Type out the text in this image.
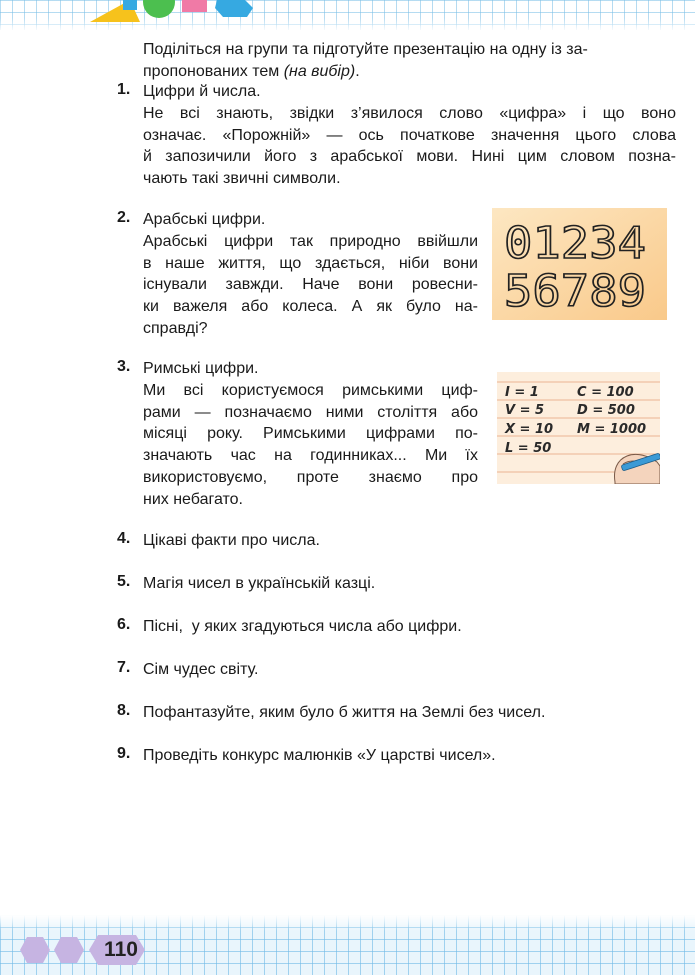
Поділіться на групи та підготуйте презентацію на одну із за-
пропонованих тем (на вибір).
1. Цифри й числа.
Не всі знають, звідки з’явилося слово «цифра» і що воно
означає. «Порожній» — ось початкове значення цього слова
й запозичили його з арабської мови. Нині цим словом позна-
чають такі звичні символи.
2. Арабські цифри.
Арабські цифри так природно ввійшли
в наше життя, що здається, ніби вони
існували завжди. Наче вони ровесни-
ки важеля або колеса. А як було на-
справді?
01234
56789
3. Римські цифри.
Ми всі користуємося римськими циф-
рами — позначаємо ними століття або
місяці року. Римськими цифрами по-
значають час на годинниках... Ми їх
використовуємо, проте знаємо про
них небагато.
I = 1
V = 5
X = 10
L = 50
C = 100
D = 500
M = 1000
4. Цікаві факти про числа.
5. Магія чисел в українській казці.
6. Пісні,  у яких згадуються числа або цифри.
7. Сім чудес світу.
8. Пофантазуйте, яким було б життя на Землі без чисел.
9. Проведіть конкурс малюнків «У царстві чисел».
110
